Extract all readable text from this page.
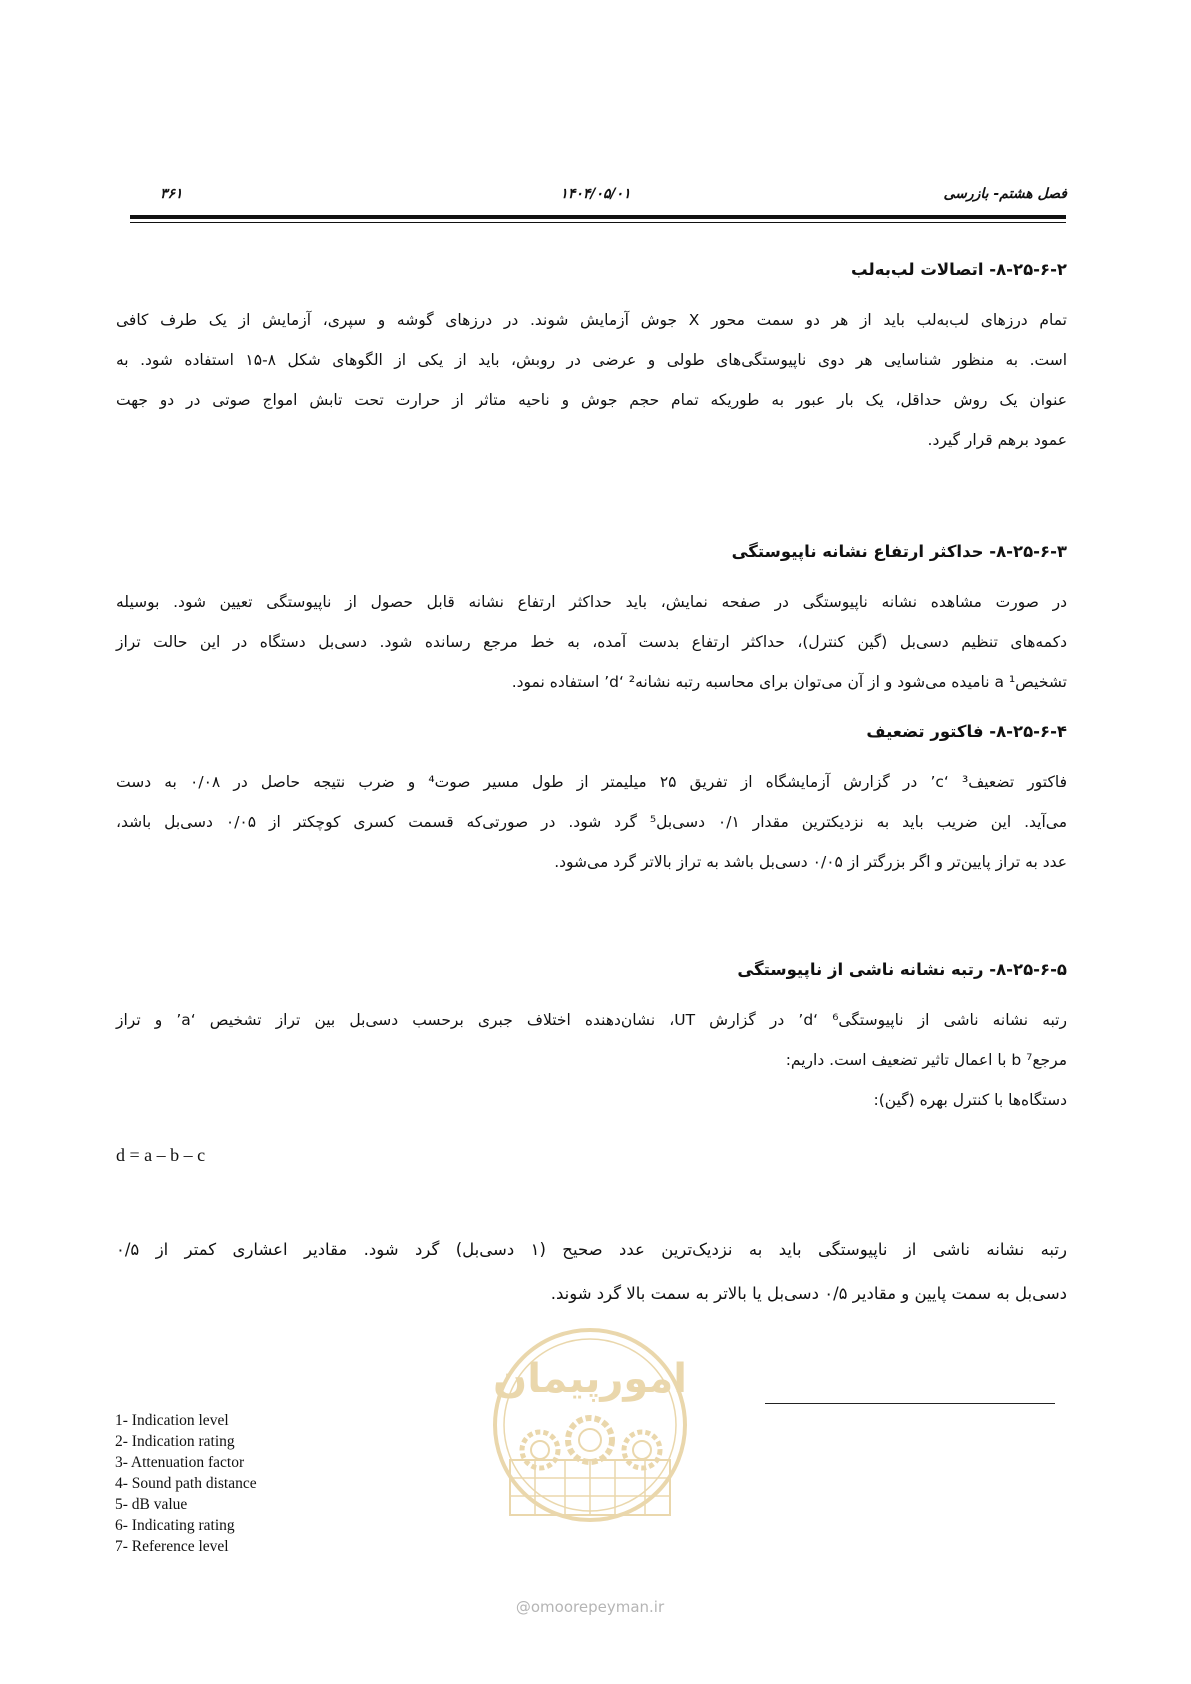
فصل هشتم- بازرسی
۱۴۰۴/۰۵/۰۱
۳۶۱
۸-۲۵-۶-۲- اتصالات لب‌به‌لب
تمام درزهای لب‌به‌لب باید از هر دو سمت محور X جوش آزمایش شوند. در درزهای گوشه و سپری، آزمایش از یک طرف کافی
است. به منظور شناسایی هر دوی ناپیوستگی‌های طولی و عرضی در روبش، باید از یکی از الگوهای شکل ۸-۱۵ استفاده شود. به
عنوان یک روش حداقل، یک بار عبور به طوریکه تمام حجم جوش و ناحیه متاثر از حرارت تحت تابش امواج صوتی در دو جهت
عمود برهم قرار گیرد.
۸-۲۵-۶-۳- حداکثر ارتفاع نشانه ناپیوستگی
در صورت مشاهده نشانه ناپیوستگی در صفحه نمایش، باید حداکثر ارتفاع نشانه قابل حصول از ناپیوستگی تعیین شود. بوسیله
دکمه‌های تنظیم دسی‌بل (گین کنترل)، حداکثر ارتفاع بدست آمده، به خط مرجع رسانده شود. دسی‌بل دستگاه در این حالت تراز
تشخیص¹ a نامیده می‌شود و از آن می‌توان برای محاسبه رتبه نشانه² ‘d’ استفاده نمود.
۸-۲۵-۶-۴- فاکتور تضعیف
فاکتور تضعیف³ ‘c’ در گزارش آزمایشگاه از تفریق ۲۵ میلیمتر از طول مسیر صوت⁴ و ضرب نتیجه حاصل در ۰/۰۸ به دست
می‌آید. این ضریب باید به نزدیکترین مقدار ۰/۱ دسی‌بل⁵ گرد شود. در صورتی‌که قسمت کسری کوچکتر از ۰/۰۵ دسی‌بل باشد،
عدد به تراز پایین‌تر و اگر بزرگتر از ۰/۰۵ دسی‌بل باشد به تراز بالاتر گرد می‌شود.
۸-۲۵-۶-۵- رتبه نشانه ناشی از ناپیوستگی
رتبه نشانه ناشی از ناپیوستگی⁶ ‘d’ در گزارش UT، نشان‌دهنده اختلاف جبری برحسب دسی‌بل بین تراز تشخیص ‘a’ و تراز
مرجع⁷ b با اعمال تاثیر تضعیف است. داریم:
دستگاه‌ها با کنترل بهره (گین):
d = a – b – c
رتبه نشانه ناشی از ناپیوستگی باید به نزدیک‌ترین عدد صحیح (۱ دسی‌بل) گرد شود. مقادیر اعشاری کمتر از ۰/۵
دسی‌بل به سمت پایین و مقادیر ۰/۵ دسی‌بل یا بالاتر به سمت بالا گرد شوند.
امورپیمان
@omoorepeyman.ir
1- Indication level
2- Indication rating
3- Attenuation factor
4- Sound path distance
5- dB value
6- Indicating rating
7- Reference level
